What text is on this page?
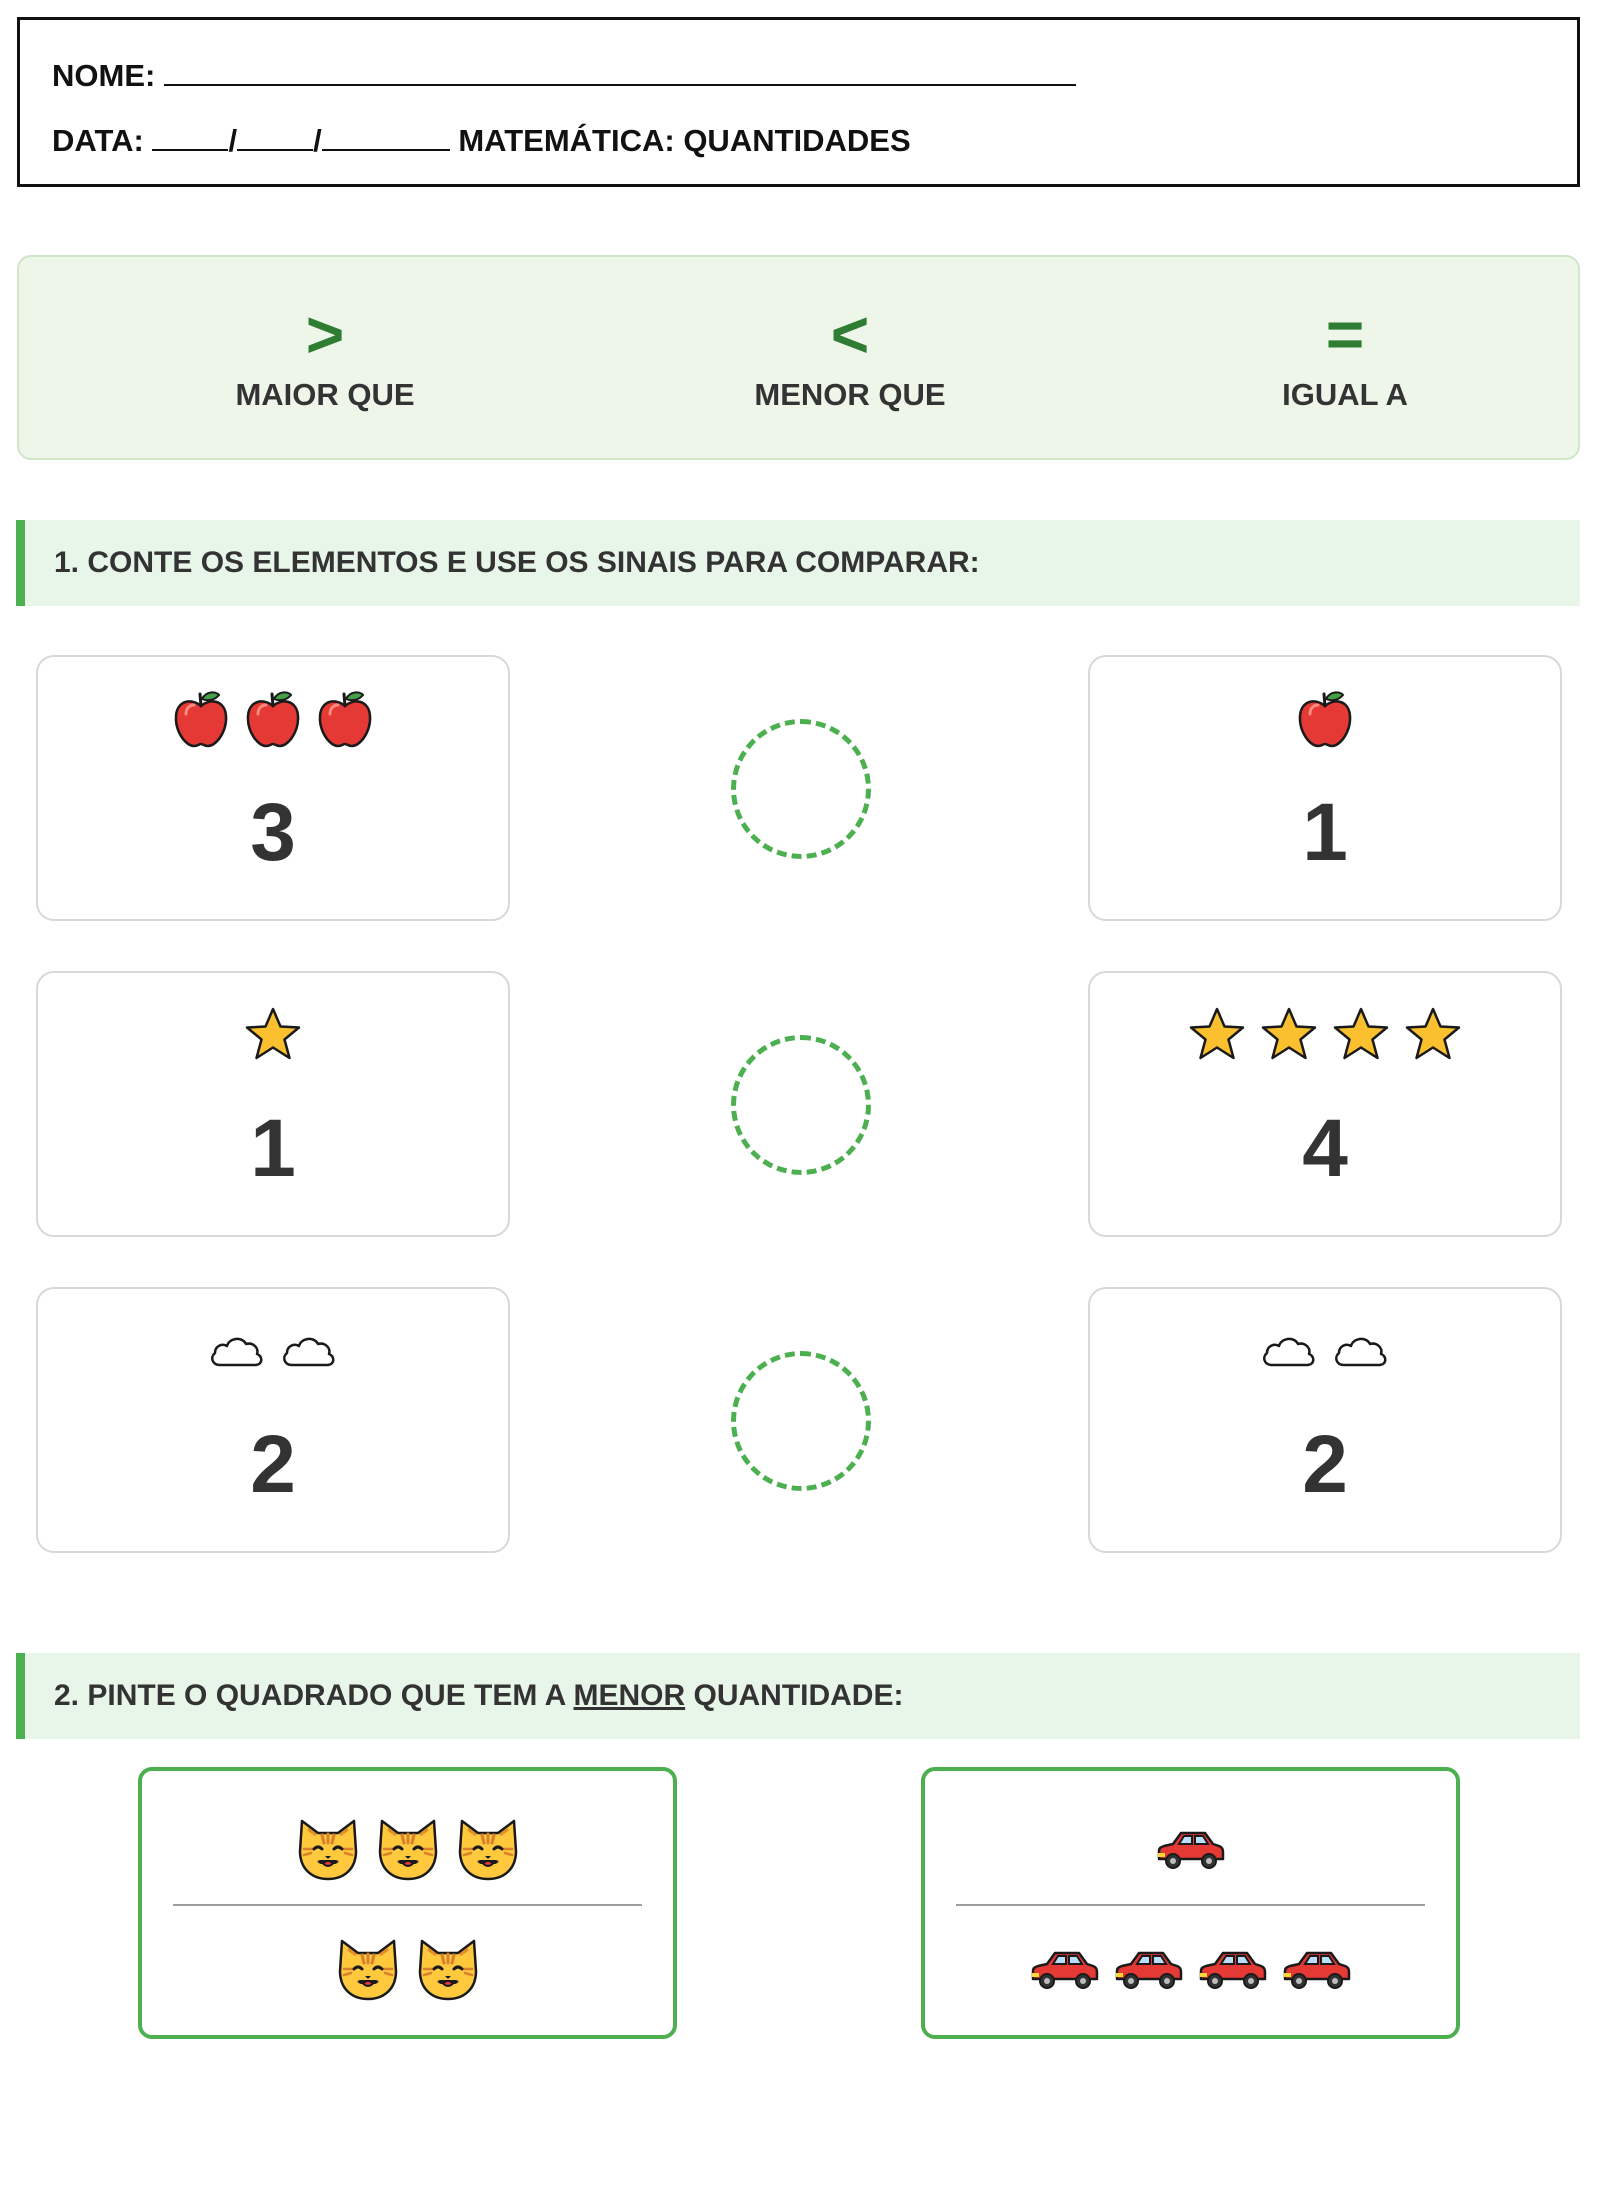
NOME:
DATA:	/ /	MATEMÁTICA: QUANTIDADES
>
MAIOR QUE
<
MENOR QUE
=
IGUAL A
1. CONTE OS ELEMENTOS E USE OS SINAIS PARA COMPARAR:
3	1
1	4
2	2
2. PINTE O QUADRADO QUE TEM A MENOR QUANTIDADE:
